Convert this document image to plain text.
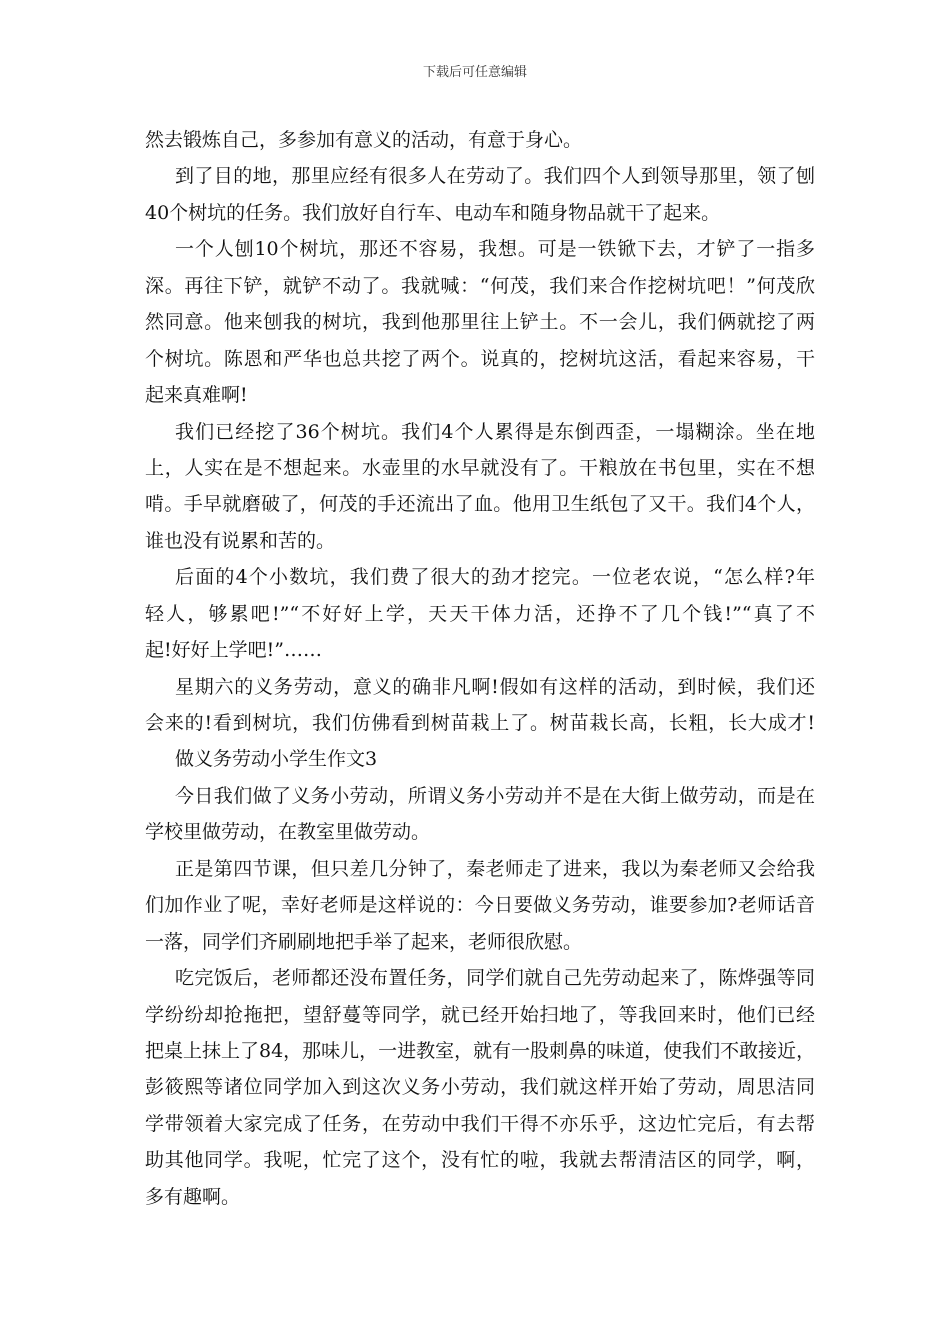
下载后可任意编辑
然去锻炼自己，多参加有意义的活动，有意于身心。
到了目的地，那里应经有很多人在劳动了。我们四个人到领导那里，领了刨
40个树坑的任务。我们放好自行车、电动车和随身物品就干了起来。
一个人刨10个树坑，那还不容易，我想。可是一铁锨下去，才铲了一指多
深。再往下铲，就铲不动了。我就喊：“何茂，我们来合作挖树坑吧！”何茂欣
然同意。他来刨我的树坑，我到他那里往上铲土。不一会儿，我们俩就挖了两
个树坑。陈恩和严华也总共挖了两个。说真的，挖树坑这活，看起来容易，干
起来真难啊!
我们已经挖了36个树坑。我们4个人累得是东倒西歪，一塌糊涂。坐在地
上，人实在是不想起来。水壶里的水早就没有了。干粮放在书包里，实在不想
啃。手早就磨破了，何茂的手还流出了血。他用卫生纸包了又干。我们4个人，
谁也没有说累和苦的。
后面的4个小数坑，我们费了很大的劲才挖完。一位老农说，“怎么样?年
轻人，够累吧!”“不好好上学，天天干体力活，还挣不了几个钱!”“真了不
起!好好上学吧!”……
星期六的义务劳动，意义的确非凡啊!假如有这样的活动，到时候，我们还
会来的!看到树坑，我们仿佛看到树苗栽上了。树苗栽长高，长粗，长大成才!
做义务劳动小学生作文3
今日我们做了义务小劳动，所谓义务小劳动并不是在大街上做劳动，而是在
学校里做劳动，在教室里做劳动。
正是第四节课，但只差几分钟了，秦老师走了进来，我以为秦老师又会给我
们加作业了呢，幸好老师是这样说的：今日要做义务劳动，谁要参加?老师话音
一落，同学们齐刷刷地把手举了起来，老师很欣慰。
吃完饭后，老师都还没布置任务，同学们就自己先劳动起来了，陈烨强等同
学纷纷却抢拖把，望舒蔓等同学，就已经开始扫地了，等我回来时，他们已经
把桌上抹上了84，那味儿，一进教室，就有一股刺鼻的味道，使我们不敢接近，
彭筱熙等诸位同学加入到这次义务小劳动，我们就这样开始了劳动，周思洁同
学带领着大家完成了任务，在劳动中我们干得不亦乐乎，这边忙完后，有去帮
助其他同学。我呢，忙完了这个，没有忙的啦，我就去帮清洁区的同学，啊，
多有趣啊。
